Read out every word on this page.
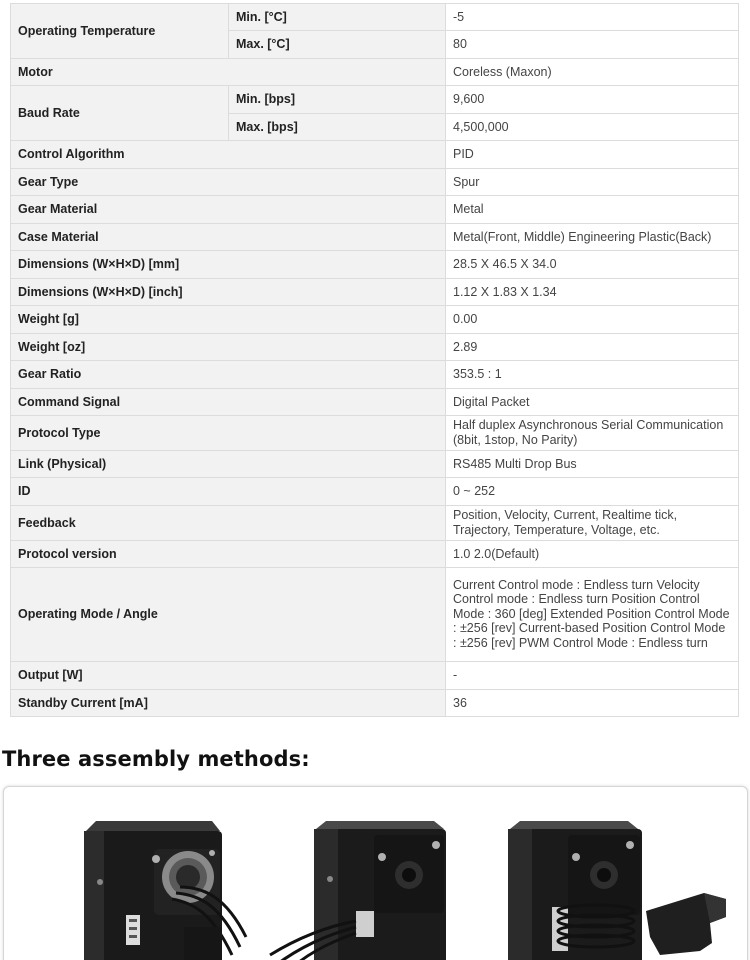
Operating Temperature	Min. [°C]	-5
	Max. [°C]	80
Motor		Coreless (Maxon)
Baud Rate	Min. [bps]	9,600
	Max. [bps]	4,500,000
Control Algorithm		PID
Gear Type		Spur
Gear Material		Metal
Case Material		Metal(Front, Middle) Engineering Plastic(Back)
Dimensions (W×H×D) [mm]		28.5 X 46.5 X 34.0
Dimensions (W×H×D) [inch]		1.12 X 1.83 X 1.34
Weight [g]		0.00
Weight [oz]		2.89
Gear Ratio		353.5 : 1
Command Signal		Digital Packet
Protocol Type		Half duplex Asynchronous Serial Communication (8bit, 1stop, No Parity)
Link (Physical)		RS485 Multi Drop Bus
ID		0 ~ 252
Feedback		Position, Velocity, Current, Realtime tick, Trajectory, Temperature, Voltage, etc.
Protocol version		1.0 2.0(Default)
Operating Mode / Angle		Current Control mode : Endless turn Velocity Control mode : Endless turn Position Control Mode : 360 [deg] Extended Position Control Mode : ±256 [rev] Current-based Position Control Mode : ±256 [rev] PWM Control Mode : Endless turn
Output [W]		-
Standby Current [mA]		36
Three assembly methods:
